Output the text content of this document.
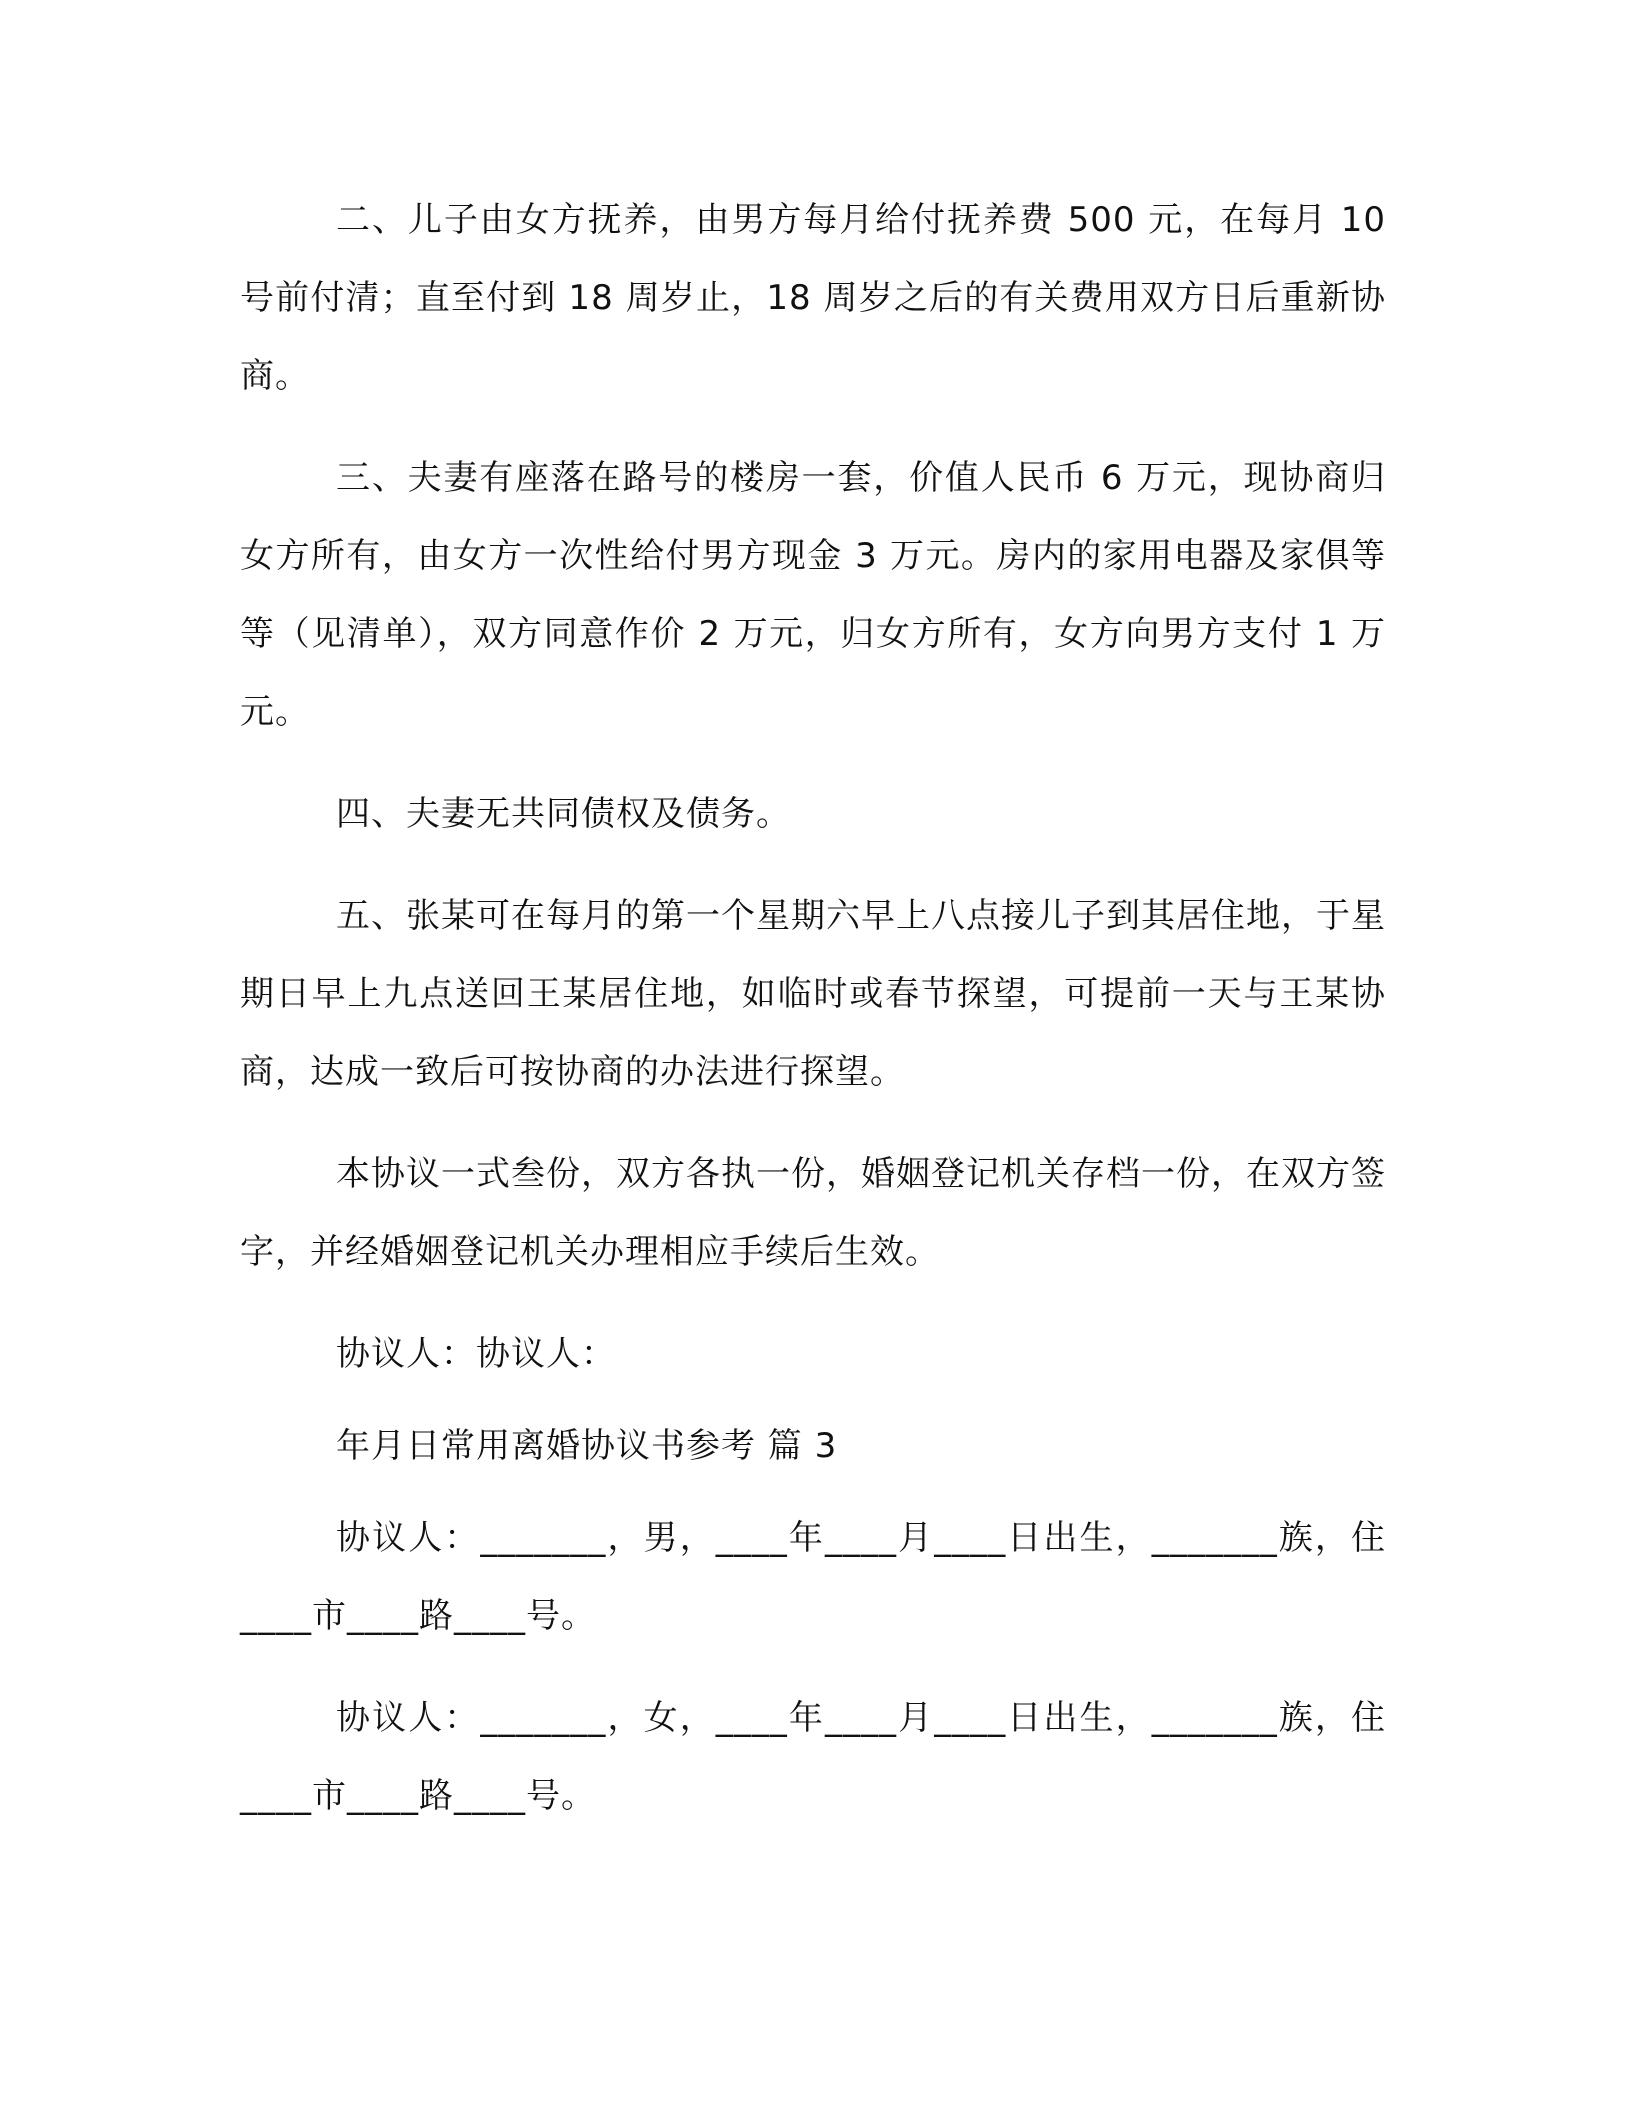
二、儿子由女方抚养，由男方每月给付抚养费 500 元，在每月 10 号前付清；直至付到 18 周岁止，18 周岁之后的有关费用双方日后重新协商。

三、夫妻有座落在路号的楼房一套，价值人民币 6 万元，现协商归女方所有，由女方一次性给付男方现金 3 万元。房内的家用电器及家俱等等（见清单），双方同意作价 2 万元，归女方所有，女方向男方支付 1 万元。

四、夫妻无共同债权及债务。

五、张某可在每月的第一个星期六早上八点接儿子到其居住地，于星期日早上九点送回王某居住地，如临时或春节探望，可提前一天与王某协商，达成一致后可按协商的办法进行探望。

本协议一式叁份，双方各执一份，婚姻登记机关存档一份，在双方签字，并经婚姻登记机关办理相应手续后生效。

协议人：协议人：

年月日常用离婚协议书参考 篇 3

协议人：_______，男，____年____月____日出生，_______族，住____市____路____号。

协议人：_______，女，____年____月____日出生，_______族，住____市____路____号。
